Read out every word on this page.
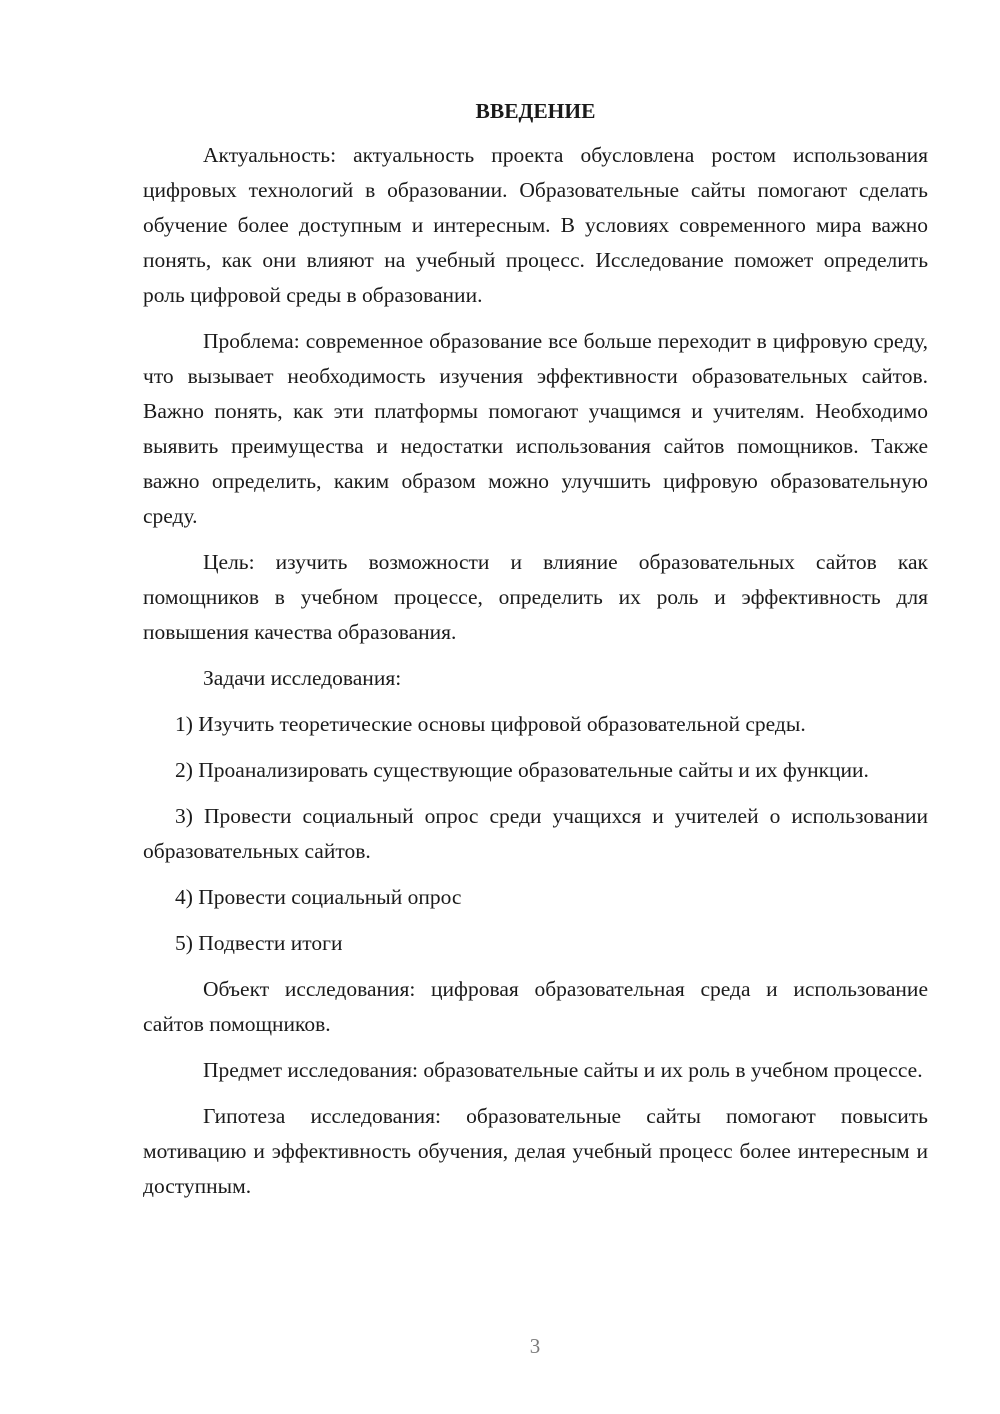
ВВЕДЕНИЕ

Актуальность: актуальность проекта обусловлена ростом использования цифровых технологий в образовании. Образовательные сайты помогают сделать обучение более доступным и интересным. В условиях современного мира важно понять, как они влияют на учебный процесс. Исследование поможет определить роль цифровой среды в образовании.

Проблема: современное образование все больше переходит в цифровую среду, что вызывает необходимость изучения эффективности образовательных сайтов. Важно понять, как эти платформы помогают учащимся и учителям. Необходимо выявить преимущества и недостатки использования сайтов помощников. Также важно определить, каким образом можно улучшить цифровую образовательную среду.

Цель: изучить возможности и влияние образовательных сайтов как помощников в учебном процессе, определить их роль и эффективность для повышения качества образования.

Задачи исследования:

1) Изучить теоретические основы цифровой образовательной среды.

2) Проанализировать существующие образовательные сайты и их функции.

3) Провести социальный опрос среди учащихся и учителей о использовании образовательных сайтов.

4) Провести социальный опрос

5) Подвести итоги

Объект исследования: цифровая образовательная среда и использование сайтов помощников.

Предмет исследования: образовательные сайты и их роль в учебном процессе.

Гипотеза исследования: образовательные сайты помогают повысить мотивацию и эффективность обучения, делая учебный процесс более интересным и доступным.

3
